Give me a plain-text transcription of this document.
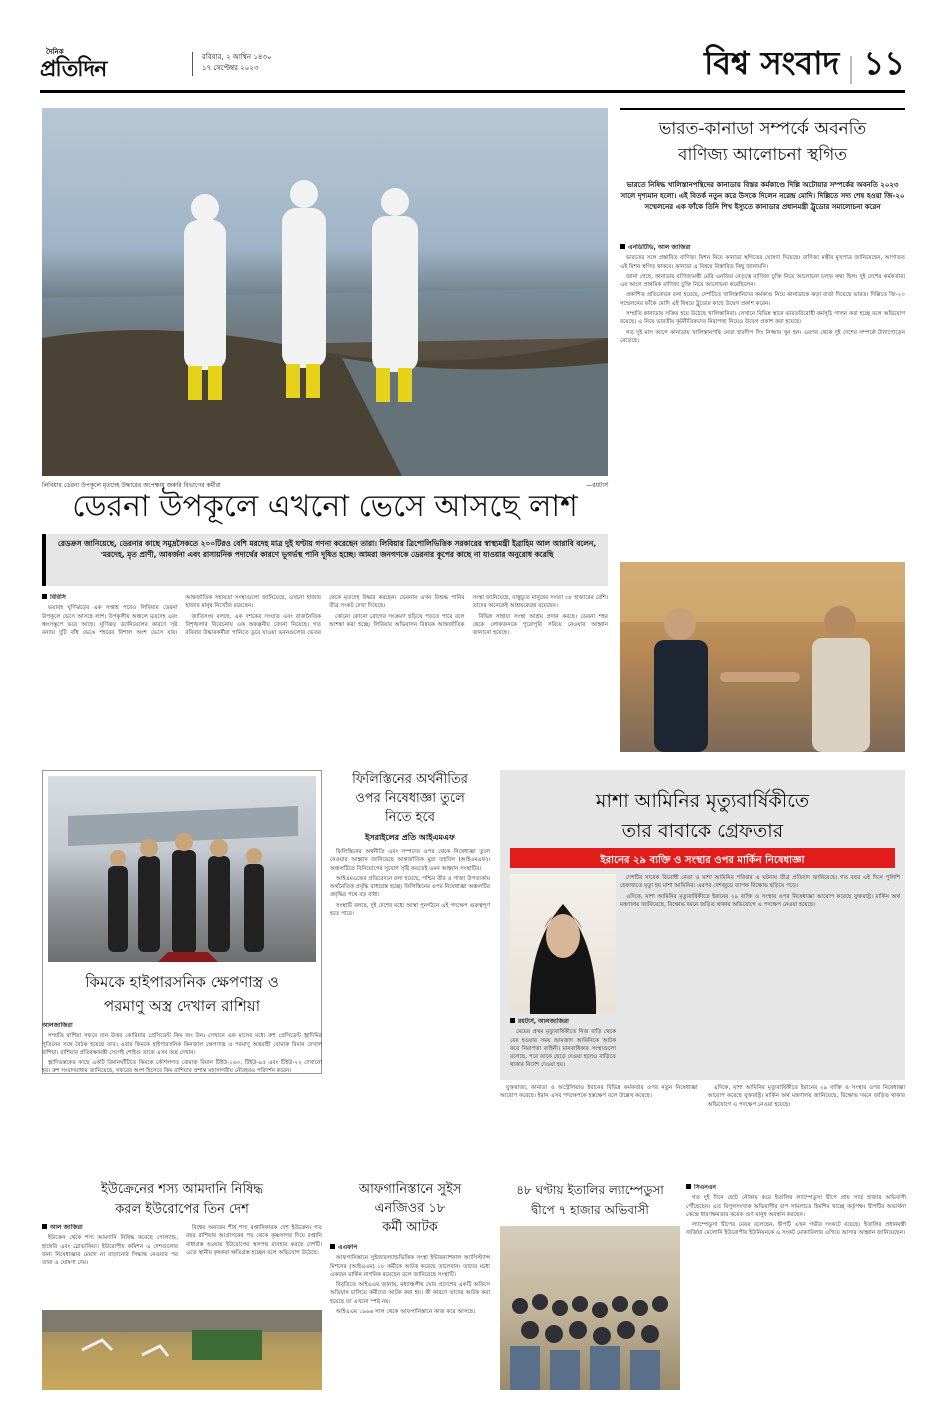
দৈনিক
প্রতিদিন	রবিবার, ২ আশ্বিন ১৪৩০
১৭ সেপ্টেম্বর ২০২৩	বিশ্ব সংবাদ ১১
লিবিয়ার ডেরনা উপকূলে মৃতদেহ উদ্ধারের অপেক্ষায় জরুরি বিভাগের কর্মীরা	—রয়টার্স
ডেরনা উপকূলে এখনো ভেসে আসছে লাশ
রেডক্রস জানিয়েছে, ডেরনার কাছে সমুদ্রসৈকতে ২০০টিরও বেশি মরদেহ মাত্র দুই ঘণ্টায় গণনা করেছেন তারা। লিবিয়ার ত্রিপোলিভিত্তিক সরকারের স্বাস্থ্যমন্ত্রী ইব্রাহিম আল আরাবি বলেন, 'মরদেহ, মৃত প্রাণী, আবর্জনা এবং রাসায়নিক পদার্থের কারণে ভূগর্ভস্থ পানি দূষিত হচ্ছে। আমরা জনগণকে ডেরনার কূপের কাছে না যাওয়ার অনুরোধ করেছি
বিবিসি

ভয়াবহ ঘূর্ণিঝড়ের এক সপ্তাহ পরেও লিবিয়ার ডেরনা উপকূলে ভেসে আসছে লাশ। উপকূলীয় অঞ্চলে মৃতদেহ এবং ধ্বংসস্তূপে ভরে আছে। ঘূর্ণিঝড় ড্যানিয়েলের কারণে সৃষ্ট বন্যায় দুটি বাঁধ ভেঙে শহরের বিশাল অংশ ভেসে যায়। আন্তর্জাতিক সহায়তা সংস্থাগুলো জানিয়েছে, এখনো হাজার হাজার মানুষ নিখোঁজ রয়েছেন।

জাতিসংঘ বলছে, এক দশকের সংঘাত এবং রাজনৈতিক বিশৃঙ্খলার বিবেচনায় এক অকল্পনীয় বেদনা নিয়েছে। গত রবিবার উদ্ধারকর্মীরা পানিতে ডুবে যাওয়া ভবনগুলোর ভেতর থেকে মৃতদেহ উদ্ধার করছেন। ডেরনায় এখন বিশুদ্ধ পানির তীব্র সংকট দেখা দিয়েছে।

কোনো কোনো রোগের সংক্রমণ ছড়িয়ে পড়তে পারে বলে আশঙ্কা করা হচ্ছে। লিবিয়ার অভিবাসন বিষয়ক আন্তর্জাতিক সংস্থা জানিয়েছে, বাস্তুচ্যুত মানুষের সংখ্যা ৩৮ হাজারের বেশি। তাদের অনেকেই আশ্রয়কেন্দ্রে রয়েছেন।

বিভিন্ন সাহায্য সংস্থা আশ্রয় প্রদান করছে। ডেরনা শহর থেকে লোকজনকে পুরোপুরি সরিয়ে নেওয়ার আহ্বান জানানো হয়েছে।

ভারত-কানাডা সম্পর্কে অবনতি
বাণিজ্য আলোচনা স্থগিত
ভারতে নিষিদ্ধ খালিস্তানপন্থিদের কানাডায় বিস্তর কর্মকাণ্ডে দিল্লি অটোয়ার সম্পর্কের অবনতি ২০২৩ সালে দৃশ্যমান হলো। এই বিতর্ক নতুন করে উসকে দিলেন নরেন্দ্র মোদি। দিল্লিতে সদ্য শেষ হওয়া জি-২০ সম্মেলনের এক ফাঁকে তিনি শিখ ইস্যুতে কানাডার প্রধানমন্ত্রী ট্রুডোর সমালোচনা করেন
এনডিটিভি, আল জাজিরা

ভারতের সঙ্গে প্রস্তাবিত বাণিজ্য মিশন নিয়ে কানাডা স্থগিতের ঘোষণা দিয়েছে। বাণিজ্য মন্ত্রীর মুখপাত্র জানিয়েছেন, আপাতত এই মিশন স্থগিত থাকবে। কানাডা এ বিষয়ে বিস্তারিত কিছু জানায়নি।

জানা গেছে, কানাডার বাণিজ্যমন্ত্রী মেরি এনজির নেতৃত্বে বাণিজ্য চুক্তি নিয়ে আলোচনা চলার কথা ছিল। দুই দেশের কর্মকর্তারা এর আগে প্রাথমিক বাণিজ্য চুক্তি নিয়ে আলোচনা করেছিলেন।

প্রকাশিত প্রতিবেদনে বলা হয়েছে, দেশটিতে খালিস্তানিদের কর্মকাণ্ড নিয়ে কানাডাকে কড়া বার্তা দিয়েছে ভারত। দিল্লিতে জি-২০ সম্মেলনের ফাঁকে মোদি এই বিষয়ে ট্রুডোর কাছে উদ্বেগ প্রকাশ করেন।

সম্প্রতি কানাডায় সক্রিয় হয়ে উঠেছে খালিস্তানিরা। সেখানে বিভিন্ন স্থানে ভারতবিরোধী কর্মসূচি পালন করা হচ্ছে বলে অভিযোগ রয়েছে। এ নিয়ে ভারতীয় কূটনীতিকদের নিরাপত্তা নিয়েও উদ্বেগ প্রকাশ করা হয়েছে।

গত দুই মাস আগে কানাডায় খালিস্তানপন্থি নেতা হারদীপ সিং নিজ্জার খুন হন। এরপর থেকে দুই দেশের সম্পর্কে টানাপোড়েন বেড়েছে।

কিমকে হাইপারসনিক ক্ষেপণাস্ত্র ও
পরমাণু অস্ত্র দেখাল রাশিয়া
আলজাজিরা

সম্প্রতি রাশিয়া সফরে যান উত্তর কোরিয়ার প্রেসিডেন্ট কিম জং উন। সেখানে এক মাসের মধ্যে রুশ প্রেসিডেন্ট ভ্লাদিমির পুতিনের সঙ্গে বৈঠক হয়েছে তার। এবার কিমকে হাইপারসনিক কিনজাল ক্ষেপণাস্ত্র ও পরমাণু অস্ত্রবাহী বোমারু বিমান দেখাল রাশিয়া। রাশিয়ার প্রতিরক্ষামন্ত্রী সের্গেই শোইগু তাকে এসব অস্ত্র দেখান।

ভ্লাদিভস্তকের কাছে একটি বিমানঘাঁটিতে কিমকে কৌশলগত বোমারু বিমান টিইউ-১৬০, টিইউ-৯৫ এবং টিইউ-২২ দেখানো হয়। রুশ সংবাদমাধ্যম জানিয়েছে, সফরের অংশ হিসেবে কিম রাশিয়ার প্রশান্ত মহাসাগরীয় নৌবহরও পরিদর্শন করেন।

ফিলিস্তিনের অর্থনীতির
ওপর নিষেধাজ্ঞা তুলে
নিতে হবে
ইসরাইলের প্রতি আইএমএফ

ফিলিস্তিনের অর্থনীতি এবং সম্পদের ওপর থেকে নিষেধাজ্ঞা তুলে নেওয়ার আহ্বান জানিয়েছে আন্তর্জাতিক মুদ্রা তহবিল (আইএমএফ)। অঞ্চলটিতে বিনিয়োগের সুযোগ সৃষ্টি করতেই এমন আহ্বান সংস্থাটির।

আইএমএফের প্রতিবেদনে বলা হয়েছে, পশ্চিম তীর ও গাজা উপত্যকায় অর্থনৈতিক প্রবৃদ্ধি বাধাগ্রস্ত হচ্ছে। ফিলিস্তিনের ওপর নিষেধাজ্ঞা অঞ্চলটির প্রবৃদ্ধির পথে বড় বাধা।

সংস্থাটি বলছে, দুই দেশের মধ্যে আস্থা পুনর্গঠনে এই পদক্ষেপ গুরুত্বপূর্ণ হতে পারে।

মাশা আমিনির মৃত্যুবার্ষিকীতে
তার বাবাকে গ্রেফতার
ইরানের ২৯ ব্যক্তি ও সংস্থার ওপর মার্কিন নিষেধাজ্ঞা

দেশটির সাবেক বিরোধী নেতা ও মাশা আমিনির পরিবার এ ঘটনায় তীব্র প্রতিবাদ জানিয়েছে। গত বছর এই দিনে পুলিশি হেফাজতে মৃত্যু হয় মাশা আমিনির। এরপর দেশজুড়ে ব্যাপক বিক্ষোভ ছড়িয়ে পড়ে।

এদিকে, মাশা আমিনির মৃত্যুবার্ষিকীতে ইরানের ২৯ ব্যক্তি ও সংস্থার ওপর নিষেধাজ্ঞা আরোপ করেছে যুক্তরাষ্ট্র। মার্কিন অর্থ মন্ত্রণালয় জানিয়েছে, বিক্ষোভ দমনে জড়িত থাকার অভিযোগে এ পদক্ষেপ নেওয়া হয়েছে।

রয়টার্স, আলজাজিরা

মেয়ের প্রথম মৃত্যুবার্ষিকীতে নিজ বাড়ি থেকে বের হওয়ার সময় আমজাদ আমিনিকে আটক করে নিরাপত্তা বাহিনী। মানবাধিকার সংস্থাগুলো বলেছে, পরে তাকে ছেড়ে দেওয়া হলেও বাড়িতে থাকার নির্দেশ দেওয়া হয়।

যুক্তরাজ্য, কানাডা ও অস্ট্রেলিয়াও ইরানের বিভিন্ন কর্মকর্তার ওপর নতুন নিষেধাজ্ঞা আরোপ করেছে। ইরান এসব পদক্ষেপকে হস্তক্ষেপ বলে উল্লেখ করেছে।

এদিকে, মাশা আমিনির মৃত্যুবার্ষিকীতে ইরানের ২৯ ব্যক্তি ও সংস্থার ওপর নিষেধাজ্ঞা আরোপ করেছে যুক্তরাষ্ট্র। মার্কিন অর্থ মন্ত্রণালয় জানিয়েছে, বিক্ষোভ দমনে জড়িত থাকার অভিযোগে এ পদক্ষেপ নেওয়া হয়েছে।

ইউক্রেনের শস্য আমদানি নিষিদ্ধ
করল ইউরোপের তিন দেশ
আল জাজিরা

ইউক্রেন থেকে শস্য আমদানি নিষিদ্ধ করেছে পোল্যান্ড, হাঙ্গেরি এবং স্লোভাকিয়া। ইউরোপীয় কমিশন এ দেশগুলোর জন্য নিষেধাজ্ঞার মেয়াদ না বাড়ানোর সিদ্ধান্ত নেওয়ার পর তারা এ ঘোষণা দেয়।

বিশ্বের অন্যতম শীর্ষ শস্য রপ্তানিকারক দেশ ইউক্রেন। গত বছর রাশিয়ার আগ্রাসনের পর থেকে কৃষ্ণসাগর দিয়ে রপ্তানি বাধাগ্রস্ত হওয়ায় ইউরোপের স্থলপথ ব্যবহার করছে দেশটি। এতে স্থানীয় কৃষকরা ক্ষতিগ্রস্ত হচ্ছেন বলে অভিযোগ উঠেছে।

আফগানিস্তানে সুইস
এনজিওর ১৮
কর্মী আটক
এএফপি

আফগানিস্তানে সুইজারল্যান্ডভিত্তিক সংস্থা ইন্টারন্যাশনাল অ্যাসিস্ট্যান্স মিশনের (আইএএম) ১৮ কর্মীকে আটক করেছে তালেবান। তাদের মধ্যে একজন মার্কিন নাগরিক রয়েছেন বলে জানিয়েছে সংস্থাটি।

বিবৃতিতে আইএএম জানায়, মধ্যাঞ্চলীয় ঘোর প্রদেশের একটি অফিসে অভিযান চালিয়ে কর্মীদের আটক করা হয়। কী কারণে তাদের আটক করা হয়েছে তা এখনো স্পষ্ট নয়।

আইএএম ১৯৬৬ সাল থেকে আফগানিস্তানে কাজ করে আসছে।

৪৮ ঘণ্টায় ইতালির ল্যাম্পেডুসা
দ্বীপে ৭ হাজার অভিবাসী
সিএনএন

গত দুই দিনে ছোট নৌকায় করে ইতালির ল্যাম্পেডুসা দ্বীপে প্রায় সাত হাজার অভিবাসী পৌঁছেছেন। এত বিপুলসংখ্যক অভিবাসীর চাপ সামলাতে হিমশিম খাচ্ছে কর্তৃপক্ষ। দ্বীপটির অভ্যর্থনা কেন্দ্রে ধারণক্ষমতার কয়েক গুণ মানুষ অবস্থান করছেন।

ল্যাম্পেডুসা দ্বীপের মেয়র বলেছেন, দ্বীপটি এখন গভীর সংকটে রয়েছে। ইতালির প্রধানমন্ত্রী জর্জিয়া মেলোনি ইউরোপীয় ইউনিয়নকে এ সংকট মোকাবিলায় এগিয়ে আসার আহ্বান জানিয়েছেন।
